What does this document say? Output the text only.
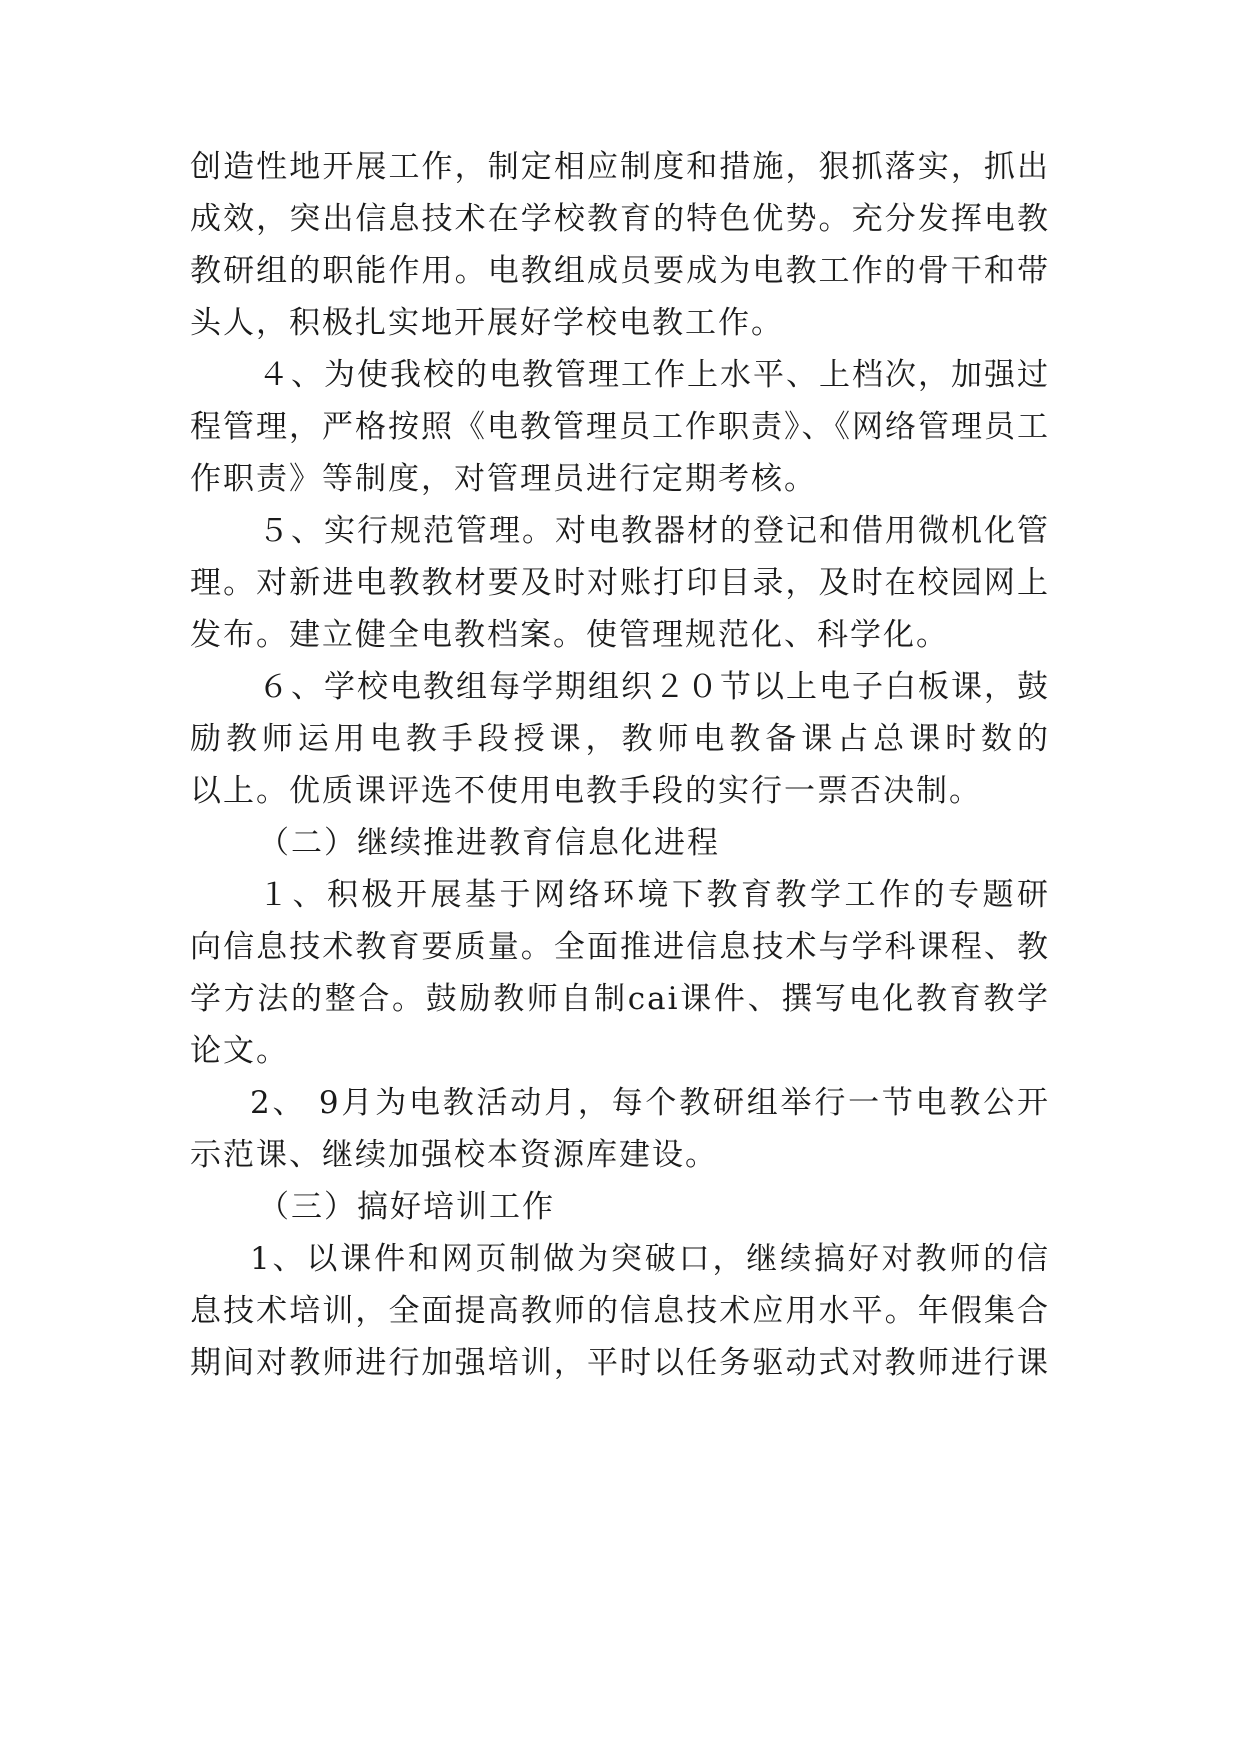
创造性地开展工作，制定相应制度和措施，狠抓落实，抓出
成效，突出信息技术在学校教育的特色优势。充分发挥电教
教研组的职能作用。电教组成员要成为电教工作的骨干和带
头人，积极扎实地开展好学校电教工作。
４、为使我校的电教管理工作上水平、上档次，加强过
程管理，严格按照《电教管理员工作职责》、《网络管理员工
作职责》等制度，对管理员进行定期考核。
５、实行规范管理。对电教器材的登记和借用微机化管
理。对新进电教教材要及时对账打印目录，及时在校园网上
发布。建立健全电教档案。使管理规范化、科学化。
６、学校电教组每学期组织２０节以上电子白板课，鼓
励教师运用电教手段授课，教师电教备课占总课时数的
以上。优质课评选不使用电教手段的实行一票否决制。
（二）继续推进教育信息化进程
１、积极开展基于网络环境下教育教学工作的专题研
向信息技术教育要质量。全面推进信息技术与学科课程、教
学方法的整合。鼓励教师自制cai课件、撰写电化教育教学
论文。
2、 9月为电教活动月，每个教研组举行一节电教公开
示范课、继续加强校本资源库建设。
（三）搞好培训工作
1、以课件和网页制做为突破口，继续搞好对教师的信
息技术培训，全面提高教师的信息技术应用水平。年假集合
期间对教师进行加强培训，平时以任务驱动式对教师进行课
